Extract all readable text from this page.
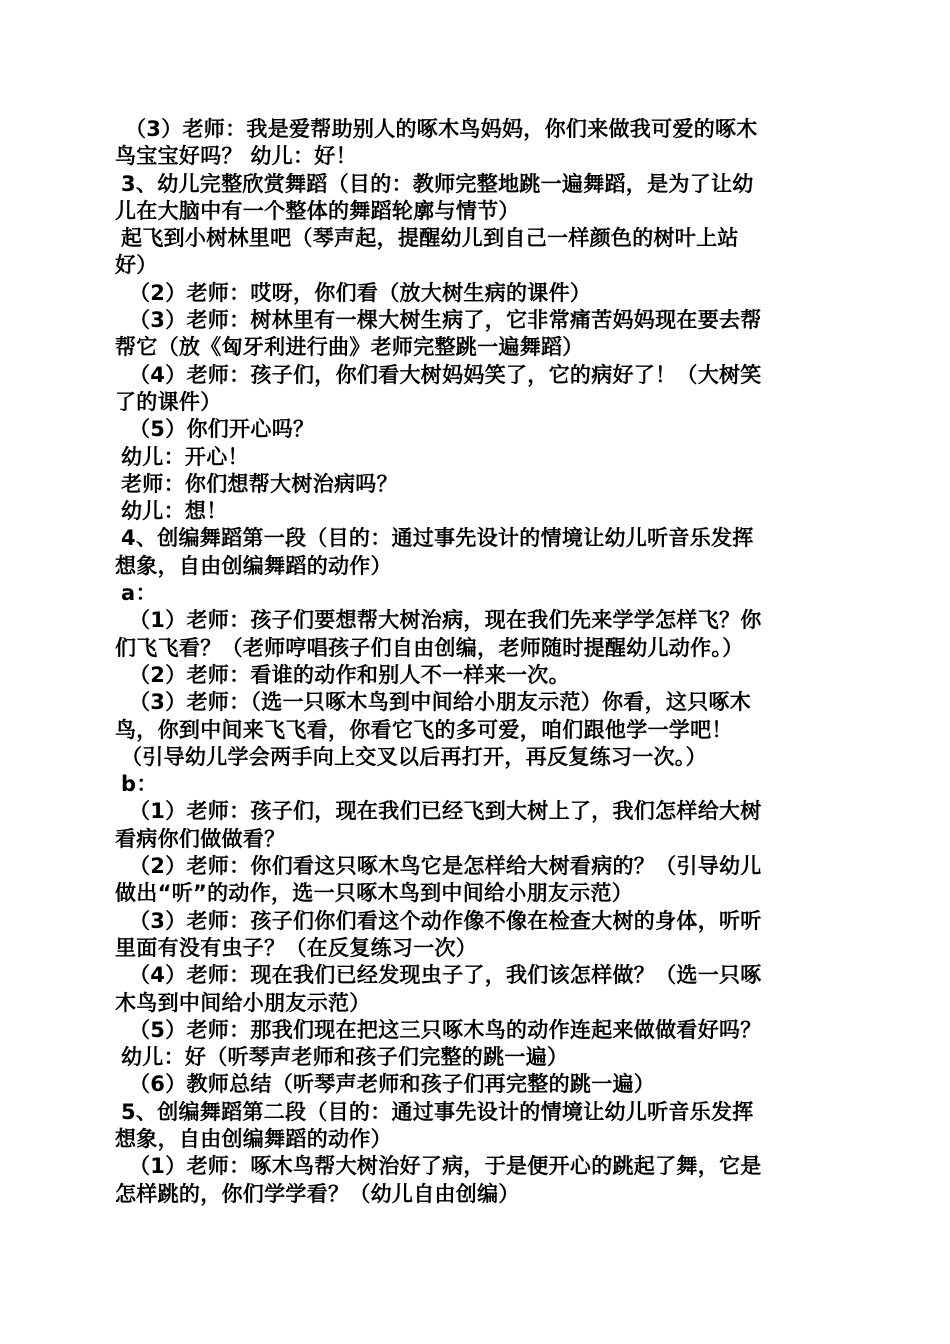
（3）老师：我是爱帮助别人的啄木鸟妈妈，你们来做我可爱的啄木
鸟宝宝好吗？ 幼儿：好！
3、幼儿完整欣赏舞蹈（目的：教师完整地跳一遍舞蹈，是为了让幼
儿在大脑中有一个整体的舞蹈轮廓与情节）
起飞到小树林里吧（琴声起，提醒幼儿到自己一样颜色的树叶上站
好）
（2）老师：哎呀，你们看（放大树生病的课件）
（3）老师：树林里有一棵大树生病了，它非常痛苦妈妈现在要去帮
帮它（放《匈牙利进行曲》老师完整跳一遍舞蹈）
（4）老师：孩子们，你们看大树妈妈笑了，它的病好了！（大树笑
了的课件）
（5）你们开心吗？
幼儿：开心！
老师：你们想帮大树治病吗？
幼儿：想！
4、创编舞蹈第一段（目的：通过事先设计的情境让幼儿听音乐发挥
想象，自由创编舞蹈的动作）
a：
（1）老师：孩子们要想帮大树治病，现在我们先来学学怎样飞？你
们飞飞看？（老师哼唱孩子们自由创编，老师随时提醒幼儿动作。）
（2）老师：看谁的动作和别人不一样来一次。
（3）老师：（选一只啄木鸟到中间给小朋友示范）你看，这只啄木
鸟，你到中间来飞飞看，你看它飞的多可爱，咱们跟他学一学吧！
（引导幼儿学会两手向上交叉以后再打开，再反复练习一次。）
b：
（1）老师：孩子们，现在我们已经飞到大树上了，我们怎样给大树
看病你们做做看？
（2）老师：你们看这只啄木鸟它是怎样给大树看病的？（引导幼儿
做出“听”的动作，选一只啄木鸟到中间给小朋友示范）
（3）老师：孩子们你们看这个动作像不像在检查大树的身体，听听
里面有没有虫子？（在反复练习一次）
（4）老师：现在我们已经发现虫子了，我们该怎样做？（选一只啄
木鸟到中间给小朋友示范）
（5）老师：那我们现在把这三只啄木鸟的动作连起来做做看好吗？
幼儿：好（听琴声老师和孩子们完整的跳一遍）
（6）教师总结（听琴声老师和孩子们再完整的跳一遍）
5、创编舞蹈第二段（目的：通过事先设计的情境让幼儿听音乐发挥
想象，自由创编舞蹈的动作）
（1）老师：啄木鸟帮大树治好了病，于是便开心的跳起了舞，它是
怎样跳的，你们学学看？（幼儿自由创编）
